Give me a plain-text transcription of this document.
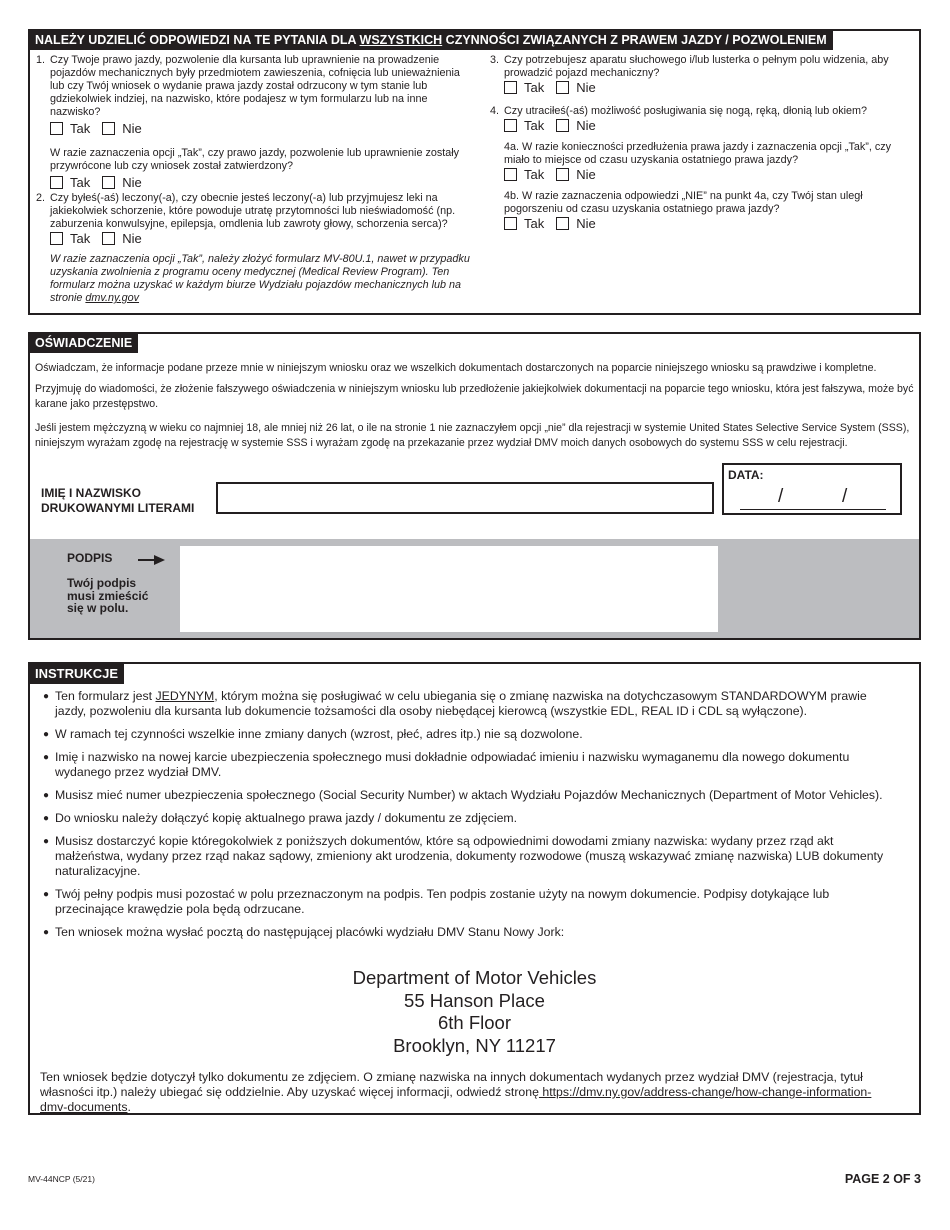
NALEŻY UDZIELIĆ ODPOWIEDZI NA TE PYTANIA DLA WSZYSTKICH CZYNNOŚCI ZWIĄZANYCH Z PRAWEM JAZDY / POZWOLENIEM
1. Czy Twoje prawo jazdy, pozwolenie dla kursanta lub uprawnienie na prowadzenie pojazdów mechanicznych były przedmiotem zawieszenia, cofnięcia lub unieważnienia lub czy Twój wniosek o wydanie prawa jazdy został odrzucony w tym stanie lub gdziekolwiek indziej, na nazwisko, które podajesz w tym formularzu lub na inne nazwisko?
Tak Nie
W razie zaznaczenia opcji „Tak”, czy prawo jazdy, pozwolenie lub uprawnienie zostały przywrócone lub czy wniosek został zatwierdzony?
Tak Nie
2. Czy byłeś(-aś) leczony(-a), czy obecnie jesteś leczony(-a) lub przyjmujesz leki na jakiekolwiek schorzenie, które powoduje utratę przytomności lub nieświadomość (np. zaburzenia konwulsyjne, epilepsja, omdlenia lub zawroty głowy, schorzenia serca)?
Tak Nie
W razie zaznaczenia opcji „Tak”, należy złożyć formularz MV-80U.1, nawet w przypadku uzyskania zwolnienia z programu oceny medycznej (Medical Review Program). Ten formularz można uzyskać w każdym biurze Wydziału pojazdów mechanicznych lub na stronie dmv.ny.gov
3. Czy potrzebujesz aparatu słuchowego i/lub lusterka o pełnym polu widzenia, aby prowadzić pojazd mechaniczny?
Tak Nie
4. Czy utraciłeś(-aś) możliwość posługiwania się nogą, ręką, dłonią lub okiem?
Tak Nie
4a. W razie konieczności przedłużenia prawa jazdy i zaznaczenia opcji „Tak”, czy miało to miejsce od czasu uzyskania ostatniego prawa jazdy?
Tak Nie
4b. W razie zaznaczenia odpowiedzi „NIE” na punkt 4a, czy Twój stan uległ pogorszeniu od czasu uzyskania ostatniego prawa jazdy?
Tak Nie
OŚWIADCZENIE

Oświadczam, że informacje podane przeze mnie w niniejszym wniosku oraz we wszelkich dokumentach dostarczonych na poparcie niniejszego wniosku są prawdziwe i kompletne.

Przyjmuję do wiadomości, że złożenie fałszywego oświadczenia w niniejszym wniosku lub przedłożenie jakiejkolwiek dokumentacji na poparcie tego wniosku, która jest fałszywa, może być karane jako przestępstwo.

Jeśli jestem mężczyzną w wieku co najmniej 18, ale mniej niż 26 lat, o ile na stronie 1 nie zaznaczyłem opcji „nie” dla rejestracji w systemie United States Selective Service System (SSS), niniejszym wyrażam zgodę na rejestrację w systemie SSS i wyrażam zgodę na przekazanie przez wydział DMV moich danych osobowych do systemu SSS w celu rejestracji.

IMIĘ I NAZWISKO
DRUKOWANYMI LITERAMI
DATA:
/	/
PODPIS
Twój podpis musi zmieścić się w polu.
INSTRUKCJE
● Ten formularz jest JEDYNYM, którym można się posługiwać w celu ubiegania się o zmianę nazwiska na dotychczasowym STANDARDOWYM prawie jazdy, pozwoleniu dla kursanta lub dokumencie tożsamości dla osoby niebędącej kierowcą (wszystkie EDL, REAL ID i CDL są wyłączone).
● W ramach tej czynności wszelkie inne zmiany danych (wzrost, płeć, adres itp.) nie są dozwolone.
● Imię i nazwisko na nowej karcie ubezpieczenia społecznego musi dokładnie odpowiadać imieniu i nazwisku wymaganemu dla nowego dokumentu wydanego przez wydział DMV.
● Musisz mieć numer ubezpieczenia społecznego (Social Security Number) w aktach Wydziału Pojazdów Mechanicznych (Department of Motor Vehicles).
● Do wniosku należy dołączyć kopię aktualnego prawa jazdy / dokumentu ze zdjęciem.
● Musisz dostarczyć kopie któregokolwiek z poniższych dokumentów, które są odpowiednimi dowodami zmiany nazwiska: wydany przez rząd akt małżeństwa, wydany przez rząd nakaz sądowy, zmieniony akt urodzenia, dokumenty rozwodowe (muszą wskazywać zmianę nazwiska) LUB dokumenty naturalizacyjne.
● Twój pełny podpis musi pozostać w polu przeznaczonym na podpis. Ten podpis zostanie użyty na nowym dokumencie. Podpisy dotykające lub przecinające krawędzie pola będą odrzucane.
● Ten wniosek można wysłać pocztą do następującej placówki wydziału DMV Stanu Nowy Jork:
Department of Motor Vehicles
55 Hanson Place
6th Floor
Brooklyn, NY 11217
Ten wniosek będzie dotyczył tylko dokumentu ze zdjęciem. O zmianę nazwiska na innych dokumentach wydanych przez wydział DMV (rejestracja, tytuł własności itp.) należy ubiegać się oddzielnie. Aby uzyskać więcej informacji, odwiedź stronę https://dmv.ny.gov/address-change/how-change-information-dmv-documents.
MV-44NCP (5/21)	PAGE 2 OF 3
